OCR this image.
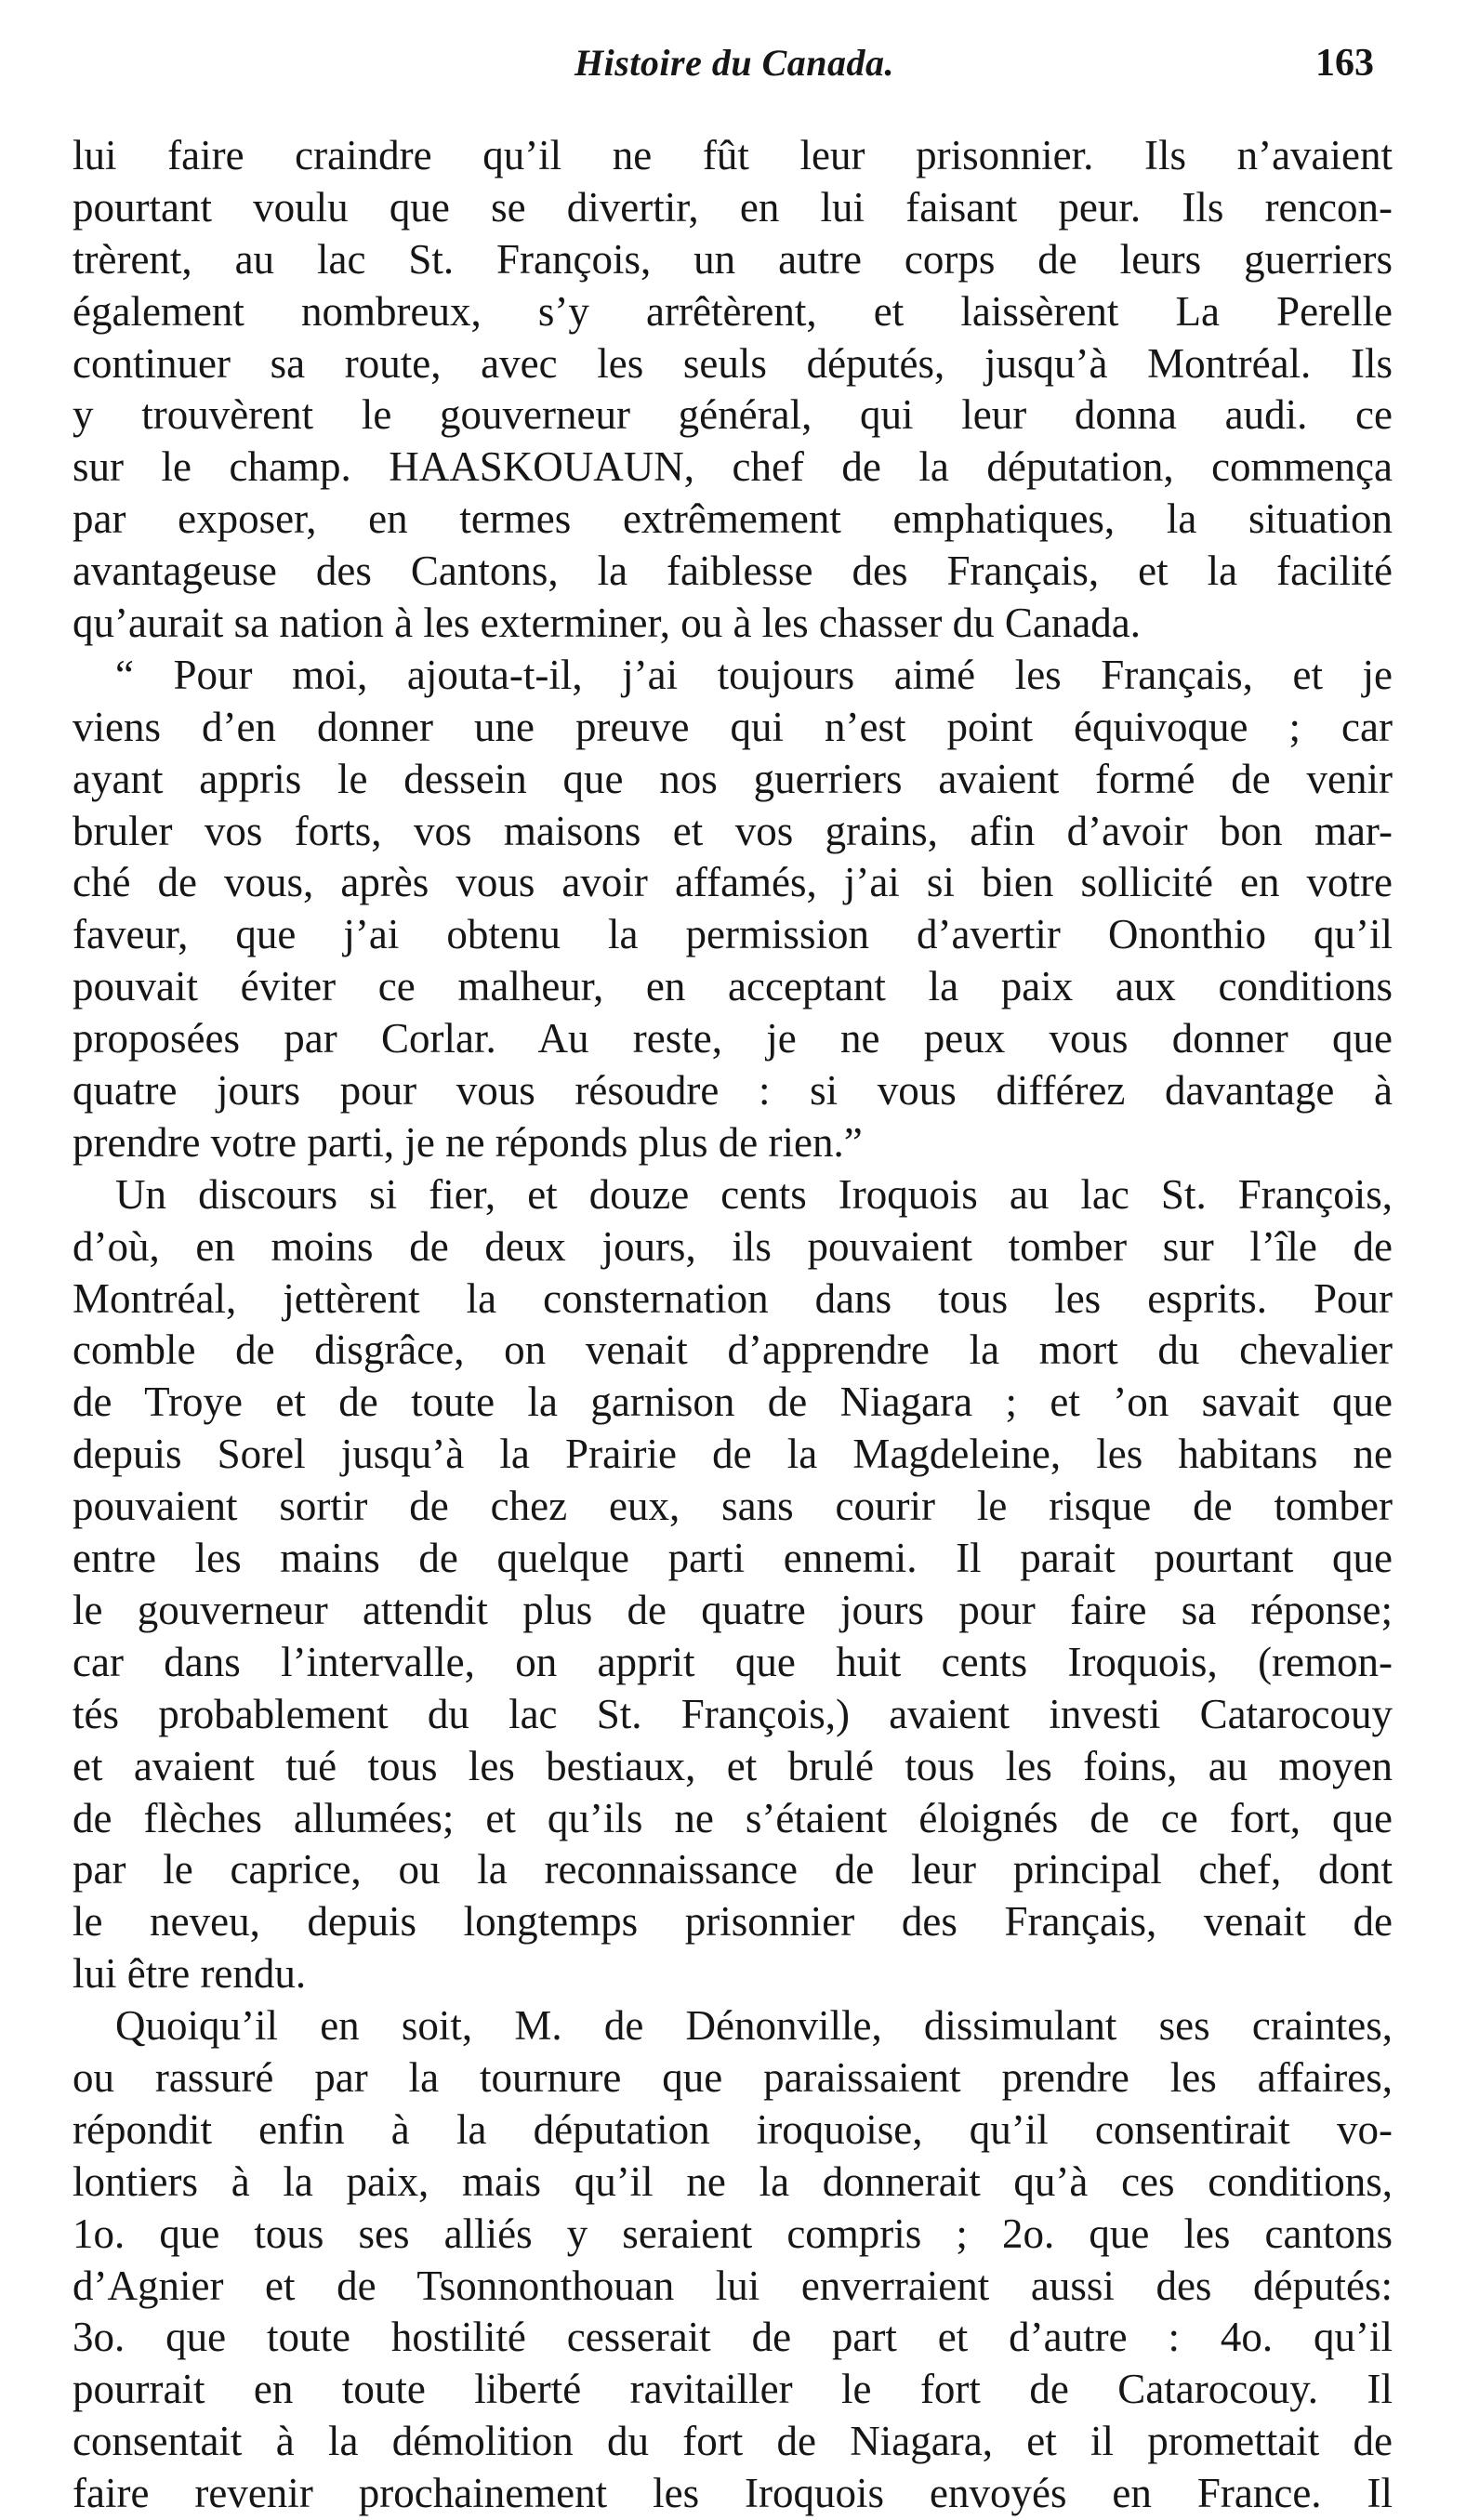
Histoire du Canada.	163
lui faire craindre qu’il ne fût leur prisonnier. Ils n’avaient
pourtant voulu que se divertir, en lui faisant peur. Ils rencon-
trèrent, au lac St. François, un autre corps de leurs guerriers
également nombreux, s’y arrêtèrent, et laissèrent La Perelle
continuer sa route, avec les seuls députés, jusqu’à Montréal. Ils
y trouvèrent le gouverneur général, qui leur donna audi. ce
sur le champ. HAASKOUAUN, chef de la députation, commença
par exposer, en termes extrêmement emphatiques, la situation
avantageuse des Cantons, la faiblesse des Français, et la facilité
qu’aurait sa nation à les exterminer, ou à les chasser du Canada.
“ Pour moi, ajouta-t-il, j’ai toujours aimé les Français, et je
viens d’en donner une preuve qui n’est point équivoque ; car
ayant appris le dessein que nos guerriers avaient formé de venir
bruler vos forts, vos maisons et vos grains, afin d’avoir bon mar-
ché de vous, après vous avoir affamés, j’ai si bien sollicité en votre
faveur, que j’ai obtenu la permission d’avertir Ononthio qu’il
pouvait éviter ce malheur, en acceptant la paix aux conditions
proposées par Corlar. Au reste, je ne peux vous donner que
quatre jours pour vous résoudre : si vous différez davantage à
prendre votre parti, je ne réponds plus de rien.”
Un discours si fier, et douze cents Iroquois au lac St. François,
d’où, en moins de deux jours, ils pouvaient tomber sur l’île de
Montréal, jettèrent la consternation dans tous les esprits. Pour
comble de disgrâce, on venait d’apprendre la mort du chevalier
de Troye et de toute la garnison de Niagara ; et ’on savait que
depuis Sorel jusqu’à la Prairie de la Magdeleine, les habitans ne
pouvaient sortir de chez eux, sans courir le risque de tomber
entre les mains de quelque parti ennemi. Il parait pourtant que
le gouverneur attendit plus de quatre jours pour faire sa réponse;
car dans l’intervalle, on apprit que huit cents Iroquois, (remon-
tés probablement du lac St. François,) avaient investi Catarocouy
et avaient tué tous les bestiaux, et brulé tous les foins, au moyen
de flèches allumées; et qu’ils ne s’étaient éloignés de ce fort, que
par le caprice, ou la reconnaissance de leur principal chef, dont
le neveu, depuis longtemps prisonnier des Français, venait de
lui être rendu.
Quoiqu’il en soit, M. de Dénonville, dissimulant ses craintes,
ou rassuré par la tournure que paraissaient prendre les affaires,
répondit enfin à la députation iroquoise, qu’il consentirait vo-
lontiers à la paix, mais qu’il ne la donnerait qu’à ces conditions,
1o. que tous ses alliés y seraient compris ; 2o. que les cantons
d’Agnier et de Tsonnonthouan lui enverraient aussi des députés:
3o. que toute hostilité cesserait de part et d’autre : 4o. qu’il
pourrait en toute liberté ravitailler le fort de Catarocouy. Il
consentait à la démolition du fort de Niagara, et il promettait de
faire revenir prochainement les Iroquois envoyés en France. Il
